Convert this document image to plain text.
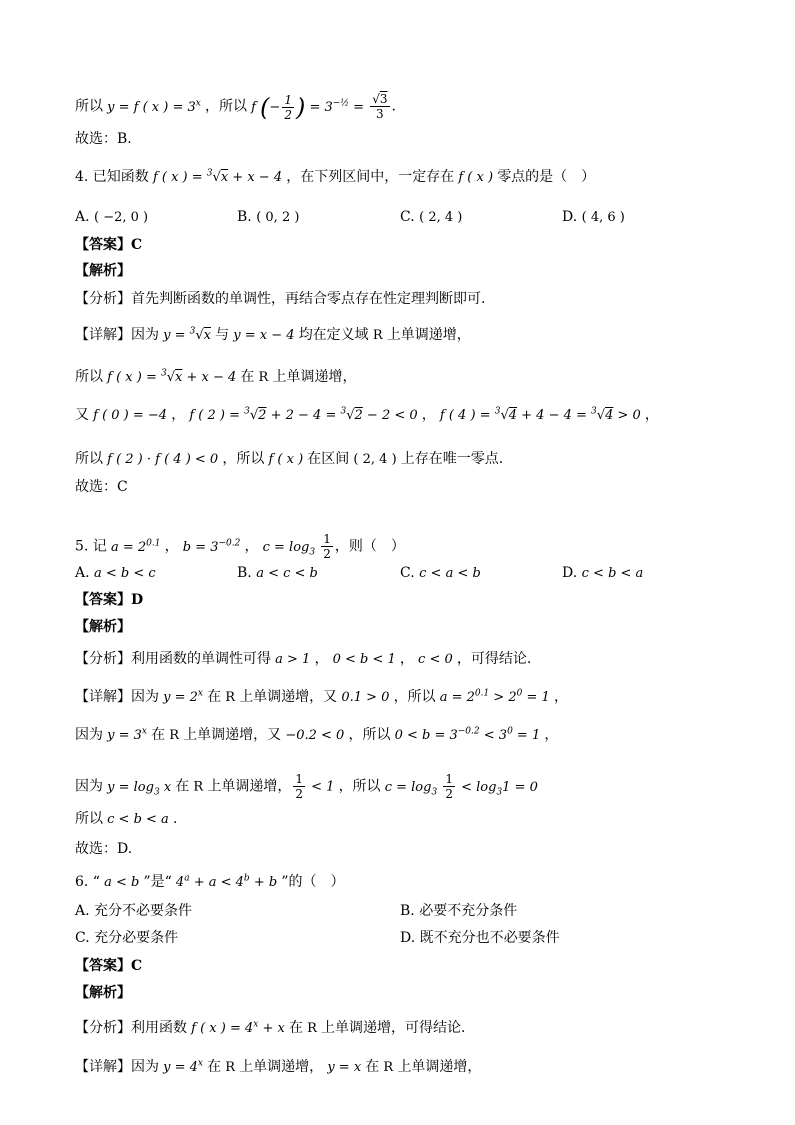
所以 y = f ( x ) = $3^x$ ，所以 f (− $\frac{1}{2}$ ) = $3^{-\frac{1}{2}} = \frac{√3}{3}$ .
故选：B.
4. 已知函数 f ( x ) = $^3$√x + x − 4 ，在下列区间中，一定存在 f ( x ) 零点的是（　）
A. ( −2, 0 )	B. ( 0, 2 )	C. ( 2, 4 )	D. ( 4, 6 )
【答案】C
【解析】
【分析】首先判断函数的单调性，再结合零点存在性定理判断即可.
【详解】因为 y = $^3$√x 与 y = x − 4 均在定义域 R 上单调递增，
所以 f ( x ) = $^3$√x + x − 4 在 R 上单调递增，
又 f ( 0 ) = −4 ， f ( 2 ) = $^3$√2 + 2 − 4 = $^3$√2 − 2 < 0 ， f ( 4 ) = $^3$√4 + 4 − 4 = $^3$√4 > 0 ，
所以 f ( 2 ) · f ( 4 ) < 0 ，所以 f ( x ) 在区间 ( 2, 4 ) 上存在唯一零点.
故选：C
5. 记 $a = 2^{0.1}$ ， $b = 3^{-0.2}$ ， $c = \log_3 \frac{1}{2}$ ，则（　）
A. a < b < c	B. a < c < b	C. c < a < b	D. c < b < a
【答案】D
【解析】
【分析】利用函数的单调性可得 a > 1 ， 0 < b < 1 ， c < 0 ，可得结论.
【详解】因为 $y = 2^x$ 在 R 上单调递增，又 0.1 > 0 ，所以 $a = 2^{0.1} > 2^0 = 1$ ，
因为 $y = 3^x$ 在 R 上单调递增，又 −0.2 < 0 ，所以 $0 < b = 3^{-0.2} < 3^0 = 1$ ，
因为 $y = \log_3 x$ 在 R 上单调递增， $\frac{1}{2} < 1$ ，所以 $c = \log_3 \frac{1}{2} < \log_31 = 0$
所以 c < b < a .
故选：D.
6. “ a < b ”是“ $4^a + a < 4^b + b$ ”的（　）
A. 充分不必要条件	B. 必要不充分条件
C. 充分必要条件	D. 既不充分也不必要条件
【答案】C
【解析】
【分析】利用函数 f ( x ) = $4^x + x$ 在 R 上单调递增，可得结论.
【详解】因为 $y = 4^x$ 在 R 上单调递增， y = x 在 R 上单调递增，
